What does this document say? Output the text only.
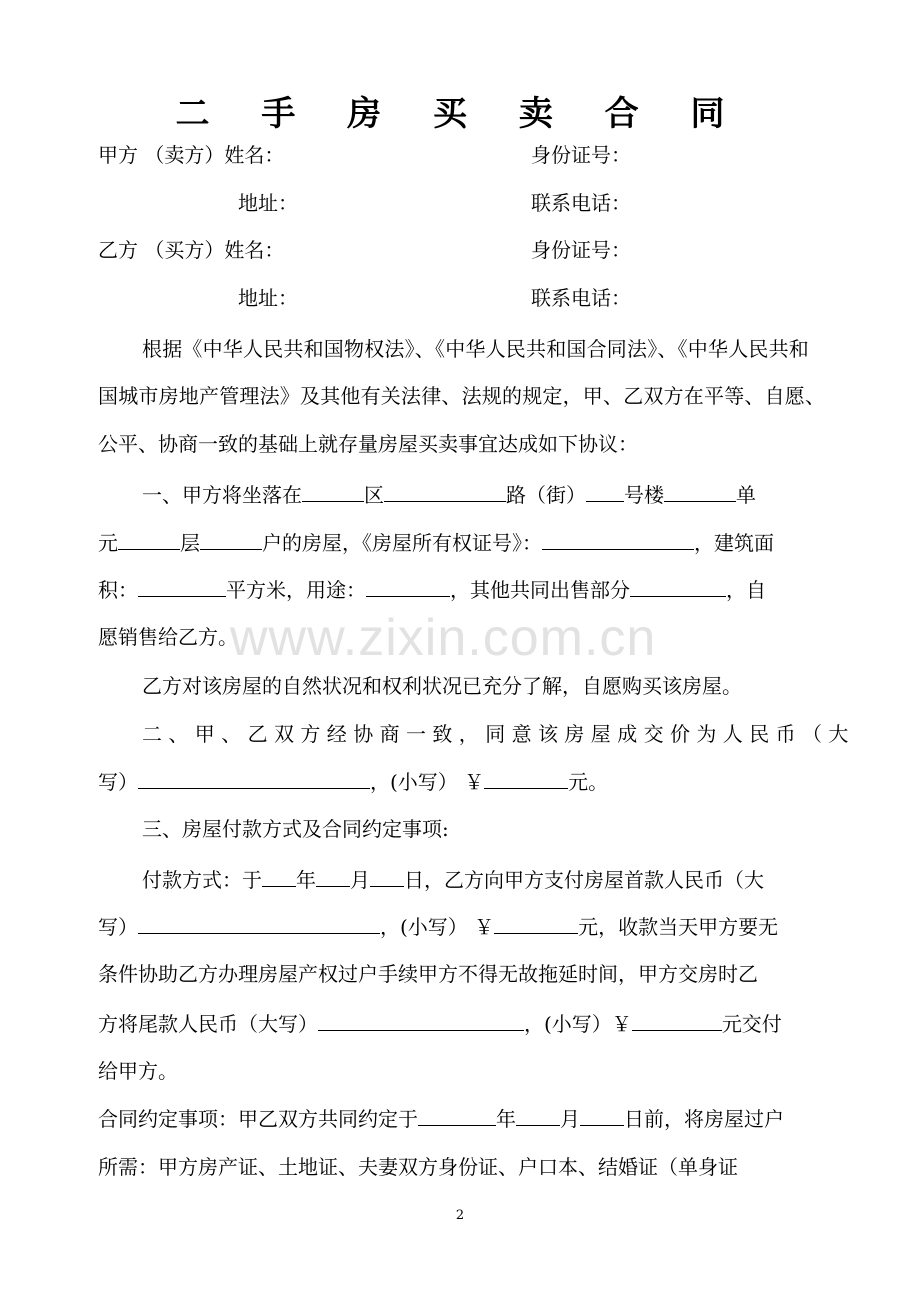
二 手 房 买 卖 合 同
甲方 （卖方）姓名：	身份证号：
地址：	联系电话：
乙方 （买方）姓名：	身份证号：
地址：	联系电话：
根据《中华人民共和国物权法》、《中华人民共和国合同法》、《中华人民共和
国城市房地产管理法》及其他有关法律、法规的规定，甲、乙双方在平等、自愿、
公平、协商一致的基础上就存量房屋买卖事宜达成如下协议：
一、甲方将坐落在	区	路（街） 号楼	单
元	层	户的房屋，《房屋所有权证号》：	，建筑面
积：	平方米，用途：	，其他共同出售部分	，自
愿销售给乙方。
乙方对该房屋的自然状况和权利状况已充分了解，自愿购买该房屋。
二、甲、乙双方经协商一致，同意该房屋成交价为人民币（大
写）	，(小写） ￥	元。
三、房屋付款方式及合同约定事项:
付款方式：于 年 月 日，乙方向甲方支付房屋首款人民币（大
写）	，(小写） ￥	元，收款当天甲方要无
条件协助乙方办理房屋产权过户手续甲方不得无故拖延时间，甲方交房时乙
方将尾款人民币（大写）	，(小写）￥	元交付
给甲方。
合同约定事项：甲乙双方共同约定于	年 月 日前，将房屋过户
所需：甲方房产证、土地证、夫妻双方身份证、户口本、结婚证（单身证
www.zixin.com.cn
2
